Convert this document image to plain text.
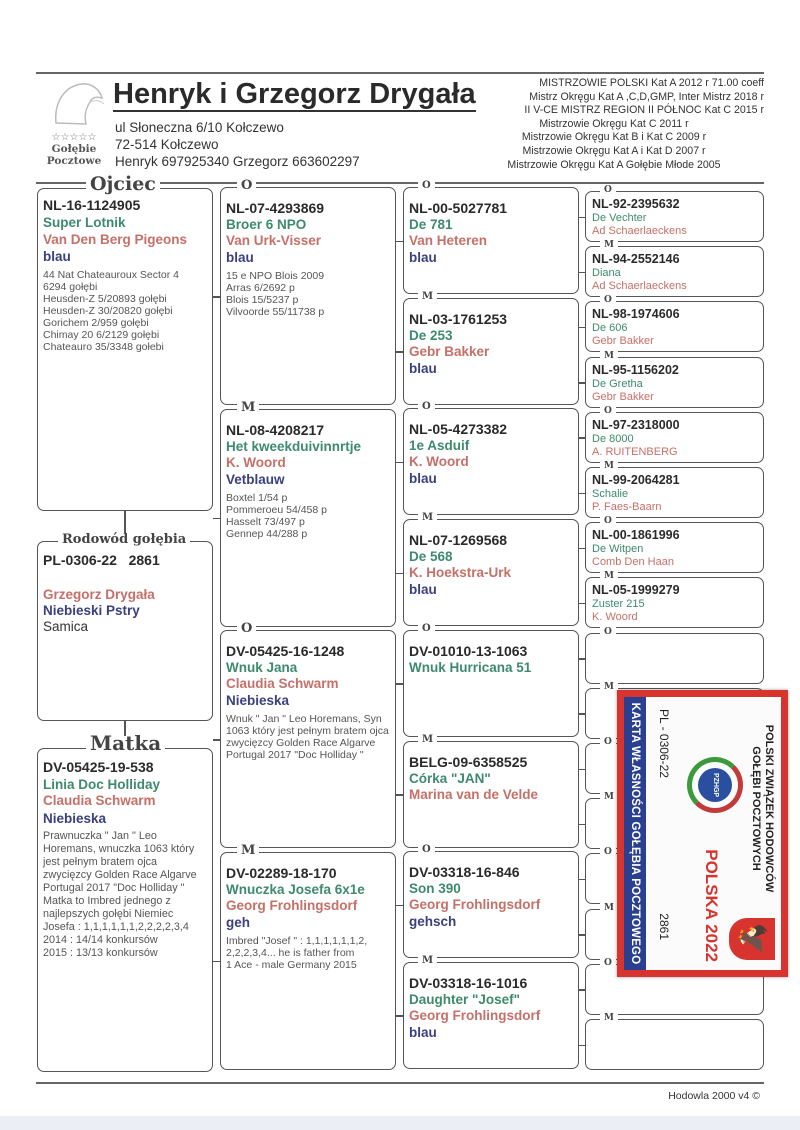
☆☆☆☆☆
Gołębie
Pocztowe
Henryk i Grzegorz Drygała
ul Słoneczna 6/10 Kołczewo
72-514 Kołczewo
Henryk 697925340 Grzegorz 663602297
MISTRZOWIE POLSKI Kat A 2012 r 71.00 coeff
Mistrz Okręgu Kat A ,C,D,GMP, Inter Mistrz 2018 r
II V-CE MISTRZ REGION II PÓŁNOC Kat C 2015 r
Mistrzowie Okręgu Kat C 2011 r
Mistrzowie Okręgu Kat B i Kat C 2009 r
Mistrzowie Okręgu Kat A i Kat D 2007 r
Mistrzowie Okręgu Kat A Gołębie Młode 2005
Ojciec
NL-16-1124905
Super Lotnik
Van Den Berg Pigeons
blau
44 Nat Chateauroux Sector 4
6294 gołębi
Heusden-Z 5/20893 gołębi
Heusden-Z 30/20820 gołębi
Gorichem 2/959 gołębi
Chimay 20 6/2129 gołębi
Chateauro 35/3348 gołebi
Rodowód gołębia
PL-0306-22   2861
Grzegorz Drygała
Niebieski Pstry
Samica
Matka
DV-05425-19-538
Linia Doc Holliday
Claudia Schwarm
Niebieska
Prawnuczka " Jan " Leo Horemans, wnuczka 1063 który jest pełnym bratem ojca zwycięzcy Golden Race Algarve Portugal 2017 "Doc Holliday "
Matka to Imbred jednego z najlepszych gołębi Niemiec Josefa : 1,1,1,1,1,1,2,2,2,2,3,4
2014 : 14/14 konkursów
2015 : 13/13 konkursów
O
NL-07-4293869
Broer 6 NPO
Van Urk-Visser
blau
15 e NPO Blois 2009
Arras 6/2692 p
Blois 15/5237 p
Vilvoorde 55/11738 p
M
NL-08-4208217
Het kweekduivinnrtje
K. Woord
Vetblauw
Boxtel 1/54 p
Pommeroeu 54/458 p
Hasselt 73/497 p
Gennep 44/288 p
O
DV-05425-16-1248
Wnuk Jana
Claudia Schwarm
Niebieska
Wnuk " Jan " Leo Horemans, Syn 1063 który jest pełnym bratem ojca zwycięzcy Golden Race Algarve Portugal 2017 "Doc Holliday "
M
DV-02289-18-170
Wnuczka Josefa 6x1e
Georg Frohlingsdorf
geh
Imbred "Josef " : 1,1,1,1,1,1,2, 2,2,2,3,4... he is father from
1 Ace - male Germany 2015
O
NL-00-5027781
De 781
Van Heteren
blau
M
NL-03-1761253
De 253
Gebr Bakker
blau
O
NL-05-4273382
1e Asduif
K. Woord
blau
M
NL-07-1269568
De 568
K. Hoekstra-Urk
blau
O
DV-01010-13-1063
Wnuk Hurricana 51
M
BELG-09-6358525
Córka "JAN"
Marina van de Velde
O
DV-03318-16-846
Son 390
Georg Frohlingsdorf
gehsch
M
DV-03318-16-1016
Daughter "Josef"
Georg Frohlingsdorf
blau
O
NL-92-2395632
De Vechter
Ad Schaerlaeckens
M
NL-94-2552146
Diana
Ad Schaerlaeckens
O
NL-98-1974606
De 606
Gebr Bakker
M
NL-95-1156202
De Gretha
Gebr Bakker
O
NL-97-2318000
De 8000
A. RUITENBERG
M
NL-99-2064281
Schalie
P. Faes-Baarn
O
NL-00-1861996
De Witpen
Comb Den Haan
M
NL-05-1999279
Zuster 215
K. Woord
O
M
O
M
O
M
O
M
POLSKI ZWIĄZEK HODOWCÓW
GOŁĘBI POCZTOWYCH
PZHGP
🦅
POLSKA 2022
PL - 0306-22
2861
KARTA WŁASNOŚCI GOŁĘBIA POCZTOWEGO
Hodowla 2000 v4 ©
